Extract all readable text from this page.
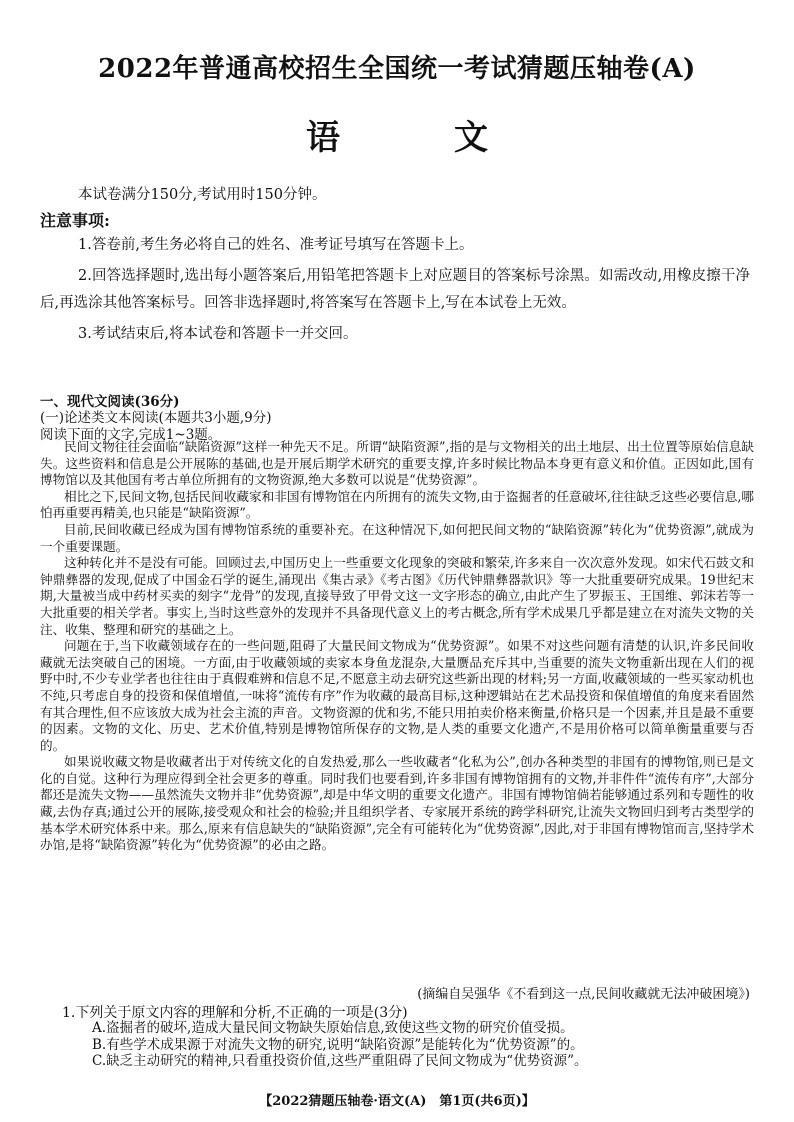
2022年普通高校招生全国统一考试猜题压轴卷(A)
语　文
本试卷满分150分,考试用时150分钟。
注意事项:

1.答卷前,考生务必将自己的姓名、准考证号填写在答题卡上。

2.回答选择题时,选出每小题答案后,用铅笔把答题卡上对应题目的答案标号涂黑。如需改动,用橡皮擦干净后,再选涂其他答案标号。回答非选择题时,将答案写在答题卡上,写在本试卷上无效。

3.考试结束后,将本试卷和答题卡一并交回。

一、现代文阅读(36分)
(一)论述类文本阅读(本题共3小题,9分)
阅读下面的文字,完成1~3题。

民间文物往往会面临“缺陷资源”这样一种先天不足。所谓“缺陷资源”,指的是与文物相关的出土地层、出土位置等原始信息缺失。这些资料和信息是公开展陈的基础,也是开展后期学术研究的重要支撑,许多时候比物品本身更有意义和价值。正因如此,国有博物馆以及其他国有考古单位所拥有的文物资源,绝大多数可以说是“优势资源”。

相比之下,民间文物,包括民间收藏家和非国有博物馆在内所拥有的流失文物,由于盗掘者的任意破坏,往往缺乏这些必要信息,哪怕再重要再精美,也只能是“缺陷资源”。

目前,民间收藏已经成为国有博物馆系统的重要补充。在这种情况下,如何把民间文物的“缺陷资源”转化为“优势资源”,就成为一个重要课题。

这种转化并不是没有可能。回顾过去,中国历史上一些重要文化现象的突破和繁荣,许多来自一次次意外发现。如宋代石鼓文和钟鼎彝器的发现,促成了中国金石学的诞生,涌现出《集古录》《考古图》《历代钟鼎彝器款识》等一大批重要研究成果。19世纪末期,大量被当成中药材买卖的刻字“龙骨”的发现,直接导致了甲骨文这一文字形态的确立,由此产生了罗振玉、王国维、郭沫若等一大批重要的相关学者。事实上,当时这些意外的发现并不具备现代意义上的考古概念,所有学术成果几乎都是建立在对流失文物的关注、收集、整理和研究的基础之上。

问题在于,当下收藏领域存在的一些问题,阻碍了大量民间文物成为“优势资源”。如果不对这些问题有清楚的认识,许多民间收藏就无法突破自己的困境。一方面,由于收藏领域的卖家本身鱼龙混杂,大量赝品充斥其中,当重要的流失文物重新出现在人们的视野中时,不少专业学者也往往由于真假难辨和信息不足,不愿意主动去研究这些新出现的材料;另一方面,收藏领域的一些买家动机也不纯,只考虑自身的投资和保值增值,一味将“流传有序”作为收藏的最高目标,这种逻辑站在艺术品投资和保值增值的角度来看固然有其合理性,但不应该放大成为社会主流的声音。文物资源的优和劣,不能只用拍卖价格来衡量,价格只是一个因素,并且是最不重要的因素。文物的文化、历史、艺术价值,特别是博物馆所保存的文物,是人类的重要文化遗产,不是用价格可以简单衡量重要与否的。

如果说收藏文物是收藏者出于对传统文化的自发热爱,那么一些收藏者“化私为公”,创办各种类型的非国有的博物馆,则已是文化的自觉。这种行为理应得到全社会更多的尊重。同时我们也要看到,许多非国有博物馆拥有的文物,并非件件“流传有序”,大部分都还是流失文物——虽然流失文物并非“优势资源”,却是中华文明的重要文化遗产。非国有博物馆倘若能够通过系列和专题性的收藏,去伪存真;通过公开的展陈,接受观众和社会的检验;并且组织学者、专家展开系统的跨学科研究,让流失文物回归到考古类型学的基本学术研究体系中来。那么,原来有信息缺失的“缺陷资源”,完全有可能转化为“优势资源”,因此,对于非国有博物馆而言,坚持学术办馆,是将“缺陷资源”转化为“优势资源”的必由之路。

(摘编自吴强华《不看到这一点,民间收藏就无法冲破困境》)
1.下列关于原文内容的理解和分析,不正确的一项是(3分)
A.盗掘者的破坏,造成大量民间文物缺失原始信息,致使这些文物的研究价值受损。
B.有些学术成果源于对流失文物的研究,说明“缺陷资源”是能转化为“优势资源”的。
C.缺乏主动研究的精神,只看重投资价值,这些严重阻碍了民间文物成为“优势资源”。
【2022猜题压轴卷·语文(A)　第1页(共6页)】
